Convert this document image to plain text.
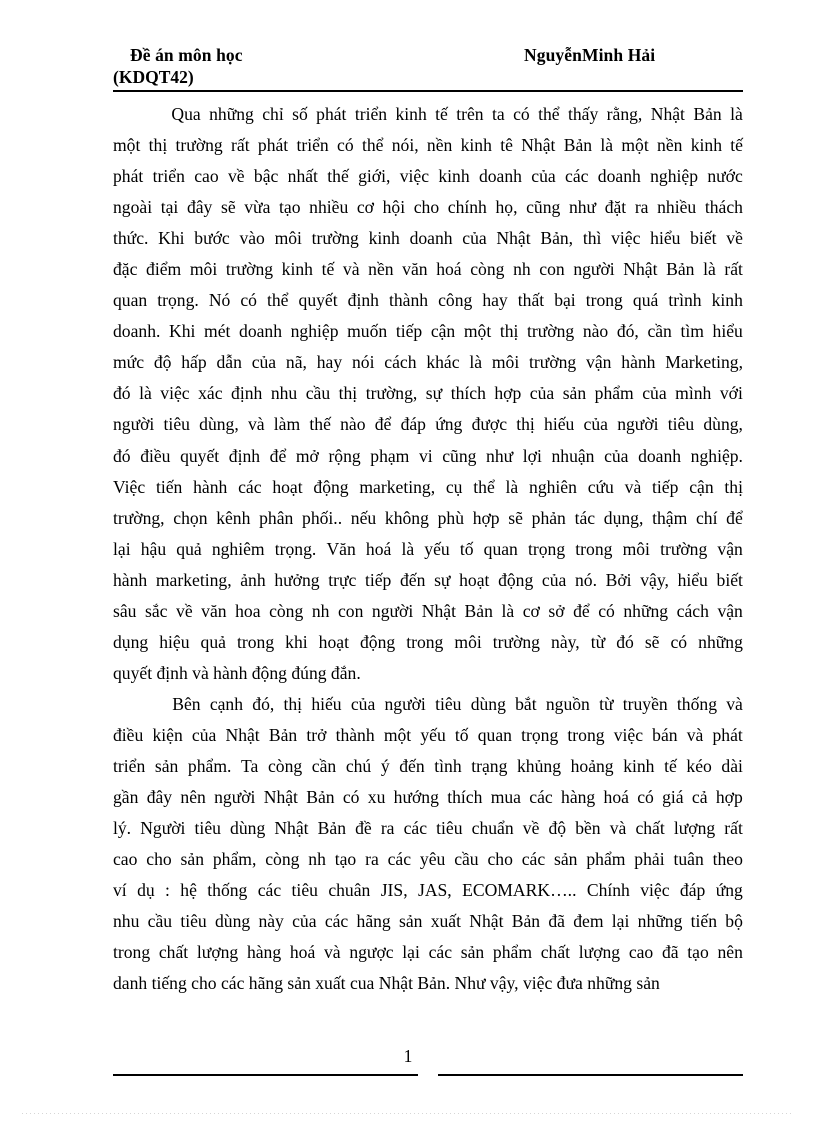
Đề án môn học	NguyễnMinh Hải
(KDQT42)
Qua những chỉ số phát triển kinh tế trên ta có thể thấy rằng, Nhật Bản là
một thị trường rất phát triển có thể nói, nền kinh tê Nhật Bản là một nền kinh tế
phát triển cao về bậc nhất thế giới, việc kinh doanh của các doanh nghiệp nước
ngoài tại đây sẽ vừa tạo nhiều cơ hội cho chính họ, cũng như đặt ra nhiều thách
thức. Khi bước vào môi trường kinh doanh của Nhật Bản, thì việc hiểu biết về
đặc điểm môi trường kinh tế và nền văn hoá còng nh con người Nhật Bản là rất
quan trọng. Nó có thể quyết định thành công hay thất bại trong quá trình kinh
doanh. Khi mét doanh nghiệp muốn tiếp cận một thị trường nào đó, cần tìm hiểu
mức độ hấp dẫn của nã, hay nói cách khác là môi trường vận hành Marketing,
đó là việc xác định nhu cầu thị trường, sự thích hợp của sản phẩm của mình với
người tiêu dùng, và làm thế nào để đáp ứng được thị hiếu của người tiêu dùng,
đó điều quyết định để mở rộng phạm vi cũng như lợi nhuận của doanh nghiệp.
Việc tiến hành các hoạt động marketing, cụ thể là nghiên cứu và tiếp cận thị
trường, chọn kênh phân phối.. nếu không phù hợp sẽ phản tác dụng, thậm chí để
lại hậu quả nghiêm trọng. Văn hoá là yếu tố quan trọng trong môi trường vận
hành marketing, ảnh hưởng trực tiếp đến sự hoạt động của nó. Bởi vậy, hiểu biết
sâu sắc về văn hoa còng nh con người Nhật Bản là cơ sở để có những cách vận
dụng hiệu quả trong khi hoạt động trong môi trường này, từ đó sẽ có những
quyết định và hành động đúng đắn.
Bên cạnh đó, thị hiếu của người tiêu dùng bắt nguồn từ truyền thống và
điều kiện của Nhật Bản trở thành một yếu tố quan trọng trong việc bán và phát
triển sản phẩm. Ta còng cần chú ý đến tình trạng khủng hoảng kinh tế kéo dài
gần đây nên người Nhật Bản có xu hướng thích mua các hàng hoá có giá cả hợp
lý. Người tiêu dùng Nhật Bản đề ra các tiêu chuẩn về độ bền và chất lượng rất
cao cho sản phẩm, còng nh tạo ra các yêu cầu cho các sản phẩm phải tuân theo
ví dụ : hệ thống các tiêu chuân JIS, JAS, ECOMARK….. Chính việc đáp ứng
nhu cầu tiêu dùng này của các hãng sản xuất Nhật Bản đã đem lại những tiến bộ
trong chất lượng hàng hoá và ngược lại các sản phẩm chất lượng cao đã tạo nên
danh tiếng cho các hãng sản xuất cua Nhật Bản. Như vậy, việc đưa những sản
1
